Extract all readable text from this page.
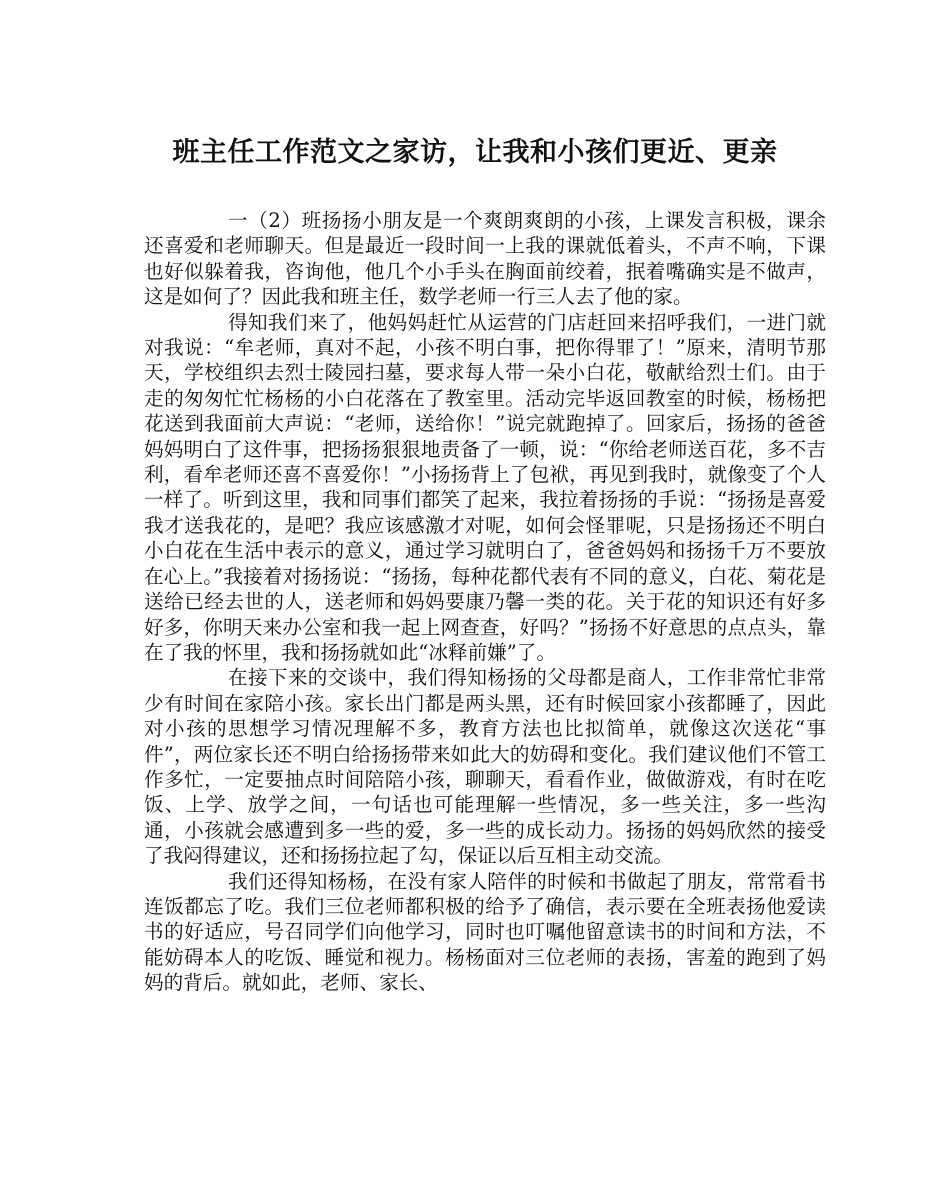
班主任工作范文之家访，让我和小孩们更近、更亲

一（2）班扬扬小朋友是一个爽朗爽朗的小孩，上课发言积极，课余还喜爱和老师聊天。但是最近一段时间一上我的课就低着头，不声不响，下课也好似躲着我，咨询他，他几个小手头在胸面前绞着，抿着嘴确实是不做声，这是如何了？因此我和班主任，数学老师一行三人去了他的家。

得知我们来了，他妈妈赶忙从运营的门店赶回来招呼我们，一进门就对我说：“牟老师，真对不起，小孩不明白事，把你得罪了！”原来，清明节那天，学校组织去烈士陵园扫墓，要求每人带一朵小白花，敬献给烈士们。由于走的匆匆忙忙杨杨的小白花落在了教室里。活动完毕返回教室的时候，杨杨把花送到我面前大声说：“老师，送给你！”说完就跑掉了。回家后，扬扬的爸爸妈妈明白了这件事，把扬扬狠狠地责备了一顿，说：“你给老师送百花，多不吉利，看牟老师还喜不喜爱你！”小扬扬背上了包袱，再见到我时，就像变了个人一样了。听到这里，我和同事们都笑了起来，我拉着扬扬的手说：“扬扬是喜爱我才送我花的，是吧？我应该感激才对呢，如何会怪罪呢，只是扬扬还不明白小白花在生活中表示的意义，通过学习就明白了，爸爸妈妈和扬扬千万不要放在心上。”我接着对扬扬说：“扬扬，每种花都代表有不同的意义，白花、菊花是送给已经去世的人，送老师和妈妈要康乃馨一类的花。关于花的知识还有好多好多，你明天来办公室和我一起上网查查，好吗？”扬扬不好意思的点点头，靠在了我的怀里，我和扬扬就如此“冰释前嫌”了。

在接下来的交谈中，我们得知杨扬的父母都是商人，工作非常忙非常少有时间在家陪小孩。家长出门都是两头黑，还有时候回家小孩都睡了，因此对小孩的思想学习情况理解不多，教育方法也比拟简单，就像这次送花“事件”，两位家长还不明白给扬扬带来如此大的妨碍和变化。我们建议他们不管工作多忙，一定要抽点时间陪陪小孩，聊聊天，看看作业，做做游戏，有时在吃饭、上学、放学之间，一句话也可能理解一些情况，多一些关注，多一些沟通，小孩就会感遭到多一些的爱，多一些的成长动力。扬扬的妈妈欣然的接受了我闷得建议，还和扬扬拉起了勾，保证以后互相主动交流。

我们还得知杨杨，在没有家人陪伴的时候和书做起了朋友，常常看书连饭都忘了吃。我们三位老师都积极的给予了确信，表示要在全班表扬他爱读书的好适应，号召同学们向他学习，同时也叮嘱他留意读书的时间和方法，不能妨碍本人的吃饭、睡觉和视力。杨杨面对三位老师的表扬，害羞的跑到了妈妈的背后。就如此，老师、家长、
